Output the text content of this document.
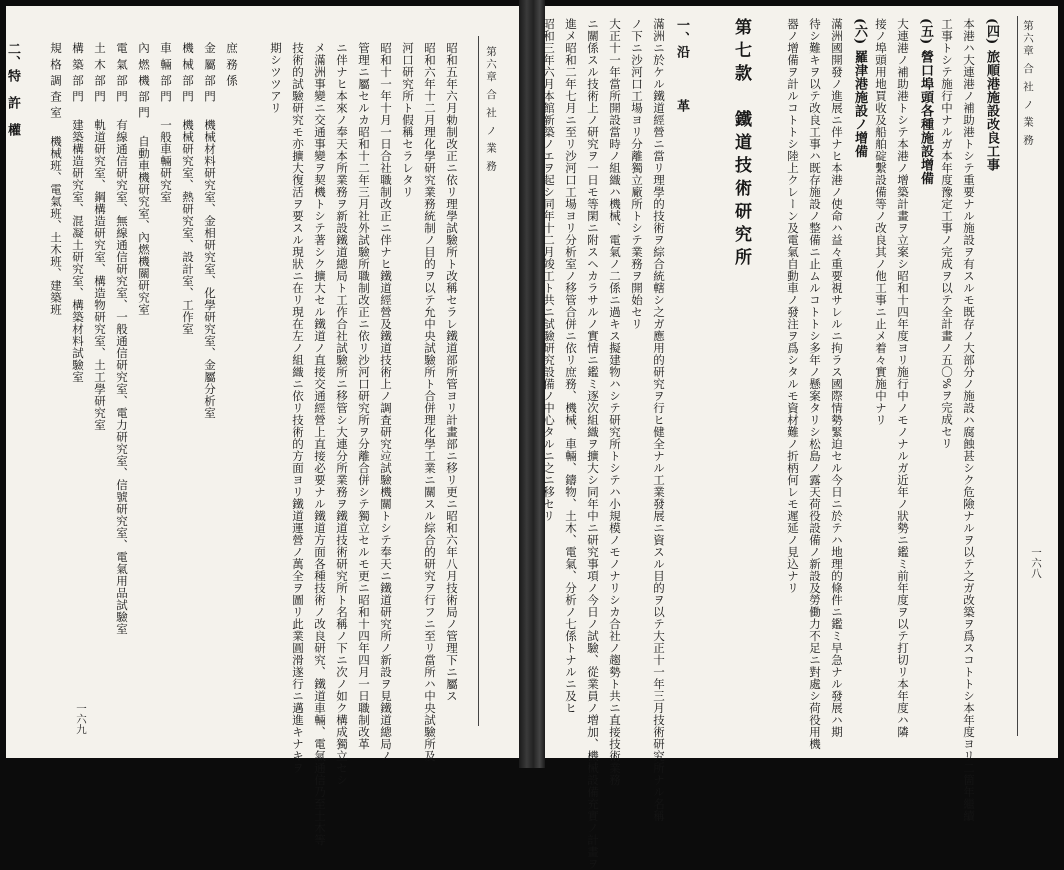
第六章 合 社 ノ 業 務
昭和五年六月勅制改正ニ依リ理學試驗所ト改稱セラレ鐵道部所管ヨリ計畫部ニ移リ更ニ昭和六年八月技術局ノ管理下ニ屬ス
昭和六年十二月理化學研究業務統制ノ目的ヲ以テ允中央試驗所ト合併理化學工業ニ關スル綜合的研究ヲ行フニ至リ當所ハ中央試驗所及
河口研究所ト假稱セラレタリ
昭和十一年十月一日合社職制改正ニ伴ナヒ鐵道經營及鐵道技術上ノ調査研究竝試驗機關トシテ奉天ニ鐵道研究所ノ新設ヲ見鐵道總局ノ
管理ニ屬セルカ昭和十二年三月社外試驗所職制改正ニ依リ沙河口研究所ヲ分離合併シテ獨立セルモ更ニ昭和十四年四月一日職制改革
ニ伴ナヒ本來ノ奉天本所業務ヲ新設鐵道總局ト工作合社試驗所ニ移管シ大連分所業務ヲ鐵道技術研究所ト名稱ノ下ニ次ノ如ク構成獨立セシ
メ滿洲事變ニ交通事變ヲ契機トシテ著シク擴大セル鐵道ノ直接交通經營上直接必要ナル鐵道方面各種技術ノ改良研究、鐵道車輛、電氣通信乃至土木等
技術的試驗研究モ亦擴大復活ヲ要スル現狀ニ在リ現在左ノ組織ニ依リ技術的方面ヨリ鐵道運營ノ萬全ヲ圖リ此業圓滑遂行ニ邁進キナキヲ
期シツツアリ
庶 務 係
金 屬 部 門    機械材料研究室、金相研究室、化學研究室、金屬分析室
機 械 部 門    機械研究室、熱研究室、設計室、工作室
車 輛 部 門    一般車輛研究室
內 燃 機 部 門    自動車機研究室、內燃機關研究室
電 氣 部 門    有線通信研究室、無線通信研究室、一般通信研究室、電力研究室、信號研究室、電氣用品試驗室
土 木 部 門    軌道研究室、鋼構造研究室、構造物研究室、土工學研究室
構 築 部 門    建築構造研究室、混凝土研究室、構築材料試驗室
規 格 調 査 室    機械班、電氣班、土木班、建築班
二、特　許　權
一六九
第六章 合 社 ノ 業 務
(四) 旅順港施設改良工事
本港ハ大連港ノ補助港トシテ重要ナル施設ヲ有スルモ既存ノ大部分ノ施設ハ腐蝕甚シク危險ナルヲ以テ之ガ改築ヲ爲スコトトシ本年度ヨリ二箇年繼續
工事トシテ施行中ナルガ本年度豫定工事ノ完成ヲ以テ全計畫ノ五〇%ヲ完成セリ
(五) 營口埠頭各種施設增備
大連港ノ補助港トシテ本港ノ增築計畫ヲ立案シ昭和十四年度ヨリ施行中ノモノナルガ近年ノ狀勢ニ鑑ミ前年度ヲ以テ打切リ本年度ハ隣
接ノ埠頭用地買收及船舶碇繫設備等ノ改良其ノ他工事ニ止メ着々實施中ナリ
(六) 羅津港施設ノ增備
滿洲國開發ノ進展ニ伴ナヒ本港ノ使命ハ益々重要視サレルニ拘ラス國際情勢緊迫セル今日ニ於テハ地理的條件ニ鑑ミ早急ナル發展ハ期
待シ難キヲ以テ改良工事ハ既存施設ノ整備ニ止ムルコトトシ多年ノ懸案タリシ松島ノ露天荷役設備ノ新設及勞働力不足ニ對處シ荷役用機
器ノ增備ヲ計ルコトトシ陸上クレーン及電氣自動車ノ發注ヲ爲シタルモ資材難ノ折柄何レモ遲延ノ見込ナリ
第七款　鐵道技術研究所
一、沿　　　革
滿洲ニ於ケル鐵道經營ニ當リ理學的技術ヲ綜合統轄シ之ガ應用的研究ヲ行ヒ健全ナル工業發展ニ資スル目的ヲ以テ大正十一年三月技術研究所ナル名稱
ノ下ニ沙河口工場ヨリ分離獨立廠所トシテ業務ヲ開始セリ
大正十一年當所開設當時ノ組織ハ機械、電氣ノ二係ニ過キス擬建物ハシテ研究所トシテハ小規模ノモノナリシカ合社ノ趨勢ト共ニ直接技術業務
ニ關係スル技術上ノ研究ヲ一日モ等閑ニ附スヘカラサルノ實情ニ鑑ミ逐次組織ヲ擴大シ同年中ニ研究事項ノ今日ノ試驗、從業員ノ増加、機械設備充實ノ計畫ヲ
進メ昭和二年七月ニ至リ沙河口工場ヨリ分析室ノ移管合併ニ依リ庶務、機械、車輛、鑄物、土木、電氣、分析ノ七係トナルニ及ヒ
昭和三年六月本館新築ノエヲ起シ同年十二月竣工ト共ニ試驗研究設備ノ中心タルニ之ニ移セリ
一六八
